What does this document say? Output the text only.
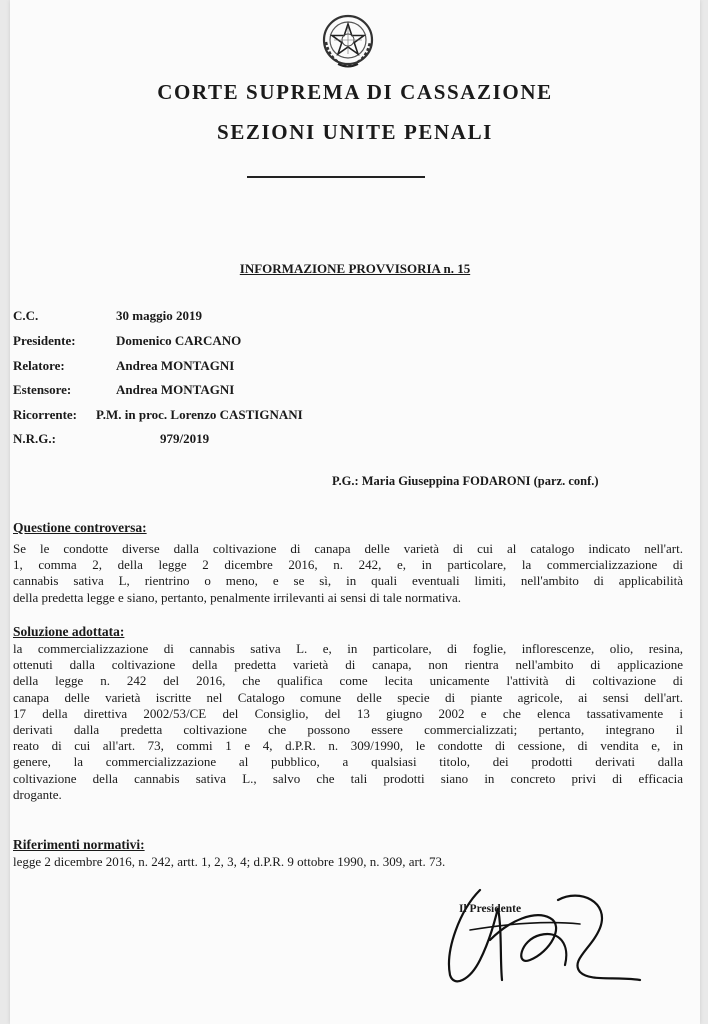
CORTE SUPREMA DI CASSAZIONE
SEZIONI UNITE PENALI
INFORMAZIONE PROVVISORIA n. 15
C.C.	30 maggio 2019
Presidente:	Domenico CARCANO
Relatore:	Andrea MONTAGNI
Estensore:	Andrea MONTAGNI
Ricorrente:	P.M. in proc. Lorenzo CASTIGNANI
N.R.G.:	979/2019
P.G.: Maria Giuseppina FODARONI (parz. conf.)
Questione controversa:
Se le condotte diverse dalla coltivazione di canapa delle varietà di cui al catalogo indicato nell'art.
1, comma 2, della legge 2 dicembre 2016, n. 242, e, in particolare, la commercializzazione di
cannabis sativa L, rientrino o meno, e se sì, in quali eventuali limiti, nell'ambito di applicabilità
della predetta legge e siano, pertanto, penalmente irrilevanti ai sensi di tale normativa.
Soluzione adottata:
la commercializzazione di cannabis sativa L. e, in particolare, di foglie, inflorescenze, olio, resina,
ottenuti dalla coltivazione della predetta varietà di canapa, non rientra nell'ambito di applicazione
della legge n. 242 del 2016, che qualifica come lecita unicamente l'attività di coltivazione di
canapa delle varietà iscritte nel Catalogo comune delle specie di piante agricole, ai sensi dell'art.
17 della direttiva 2002/53/CE del Consiglio, del 13 giugno 2002 e che elenca tassativamente i
derivati dalla predetta coltivazione che possono essere commercializzati; pertanto, integrano il
reato di cui all'art. 73, commi 1 e 4, d.P.R. n. 309/1990, le condotte di cessione, di vendita e, in
genere, la commercializzazione al pubblico, a qualsiasi titolo, dei prodotti derivati dalla
coltivazione della cannabis sativa L., salvo che tali prodotti siano in concreto privi di efficacia
drogante.
Riferimenti normativi:
legge 2 dicembre 2016, n. 242, artt. 1, 2, 3, 4; d.P.R. 9 ottobre 1990, n. 309, art. 73.
Il Presidente
